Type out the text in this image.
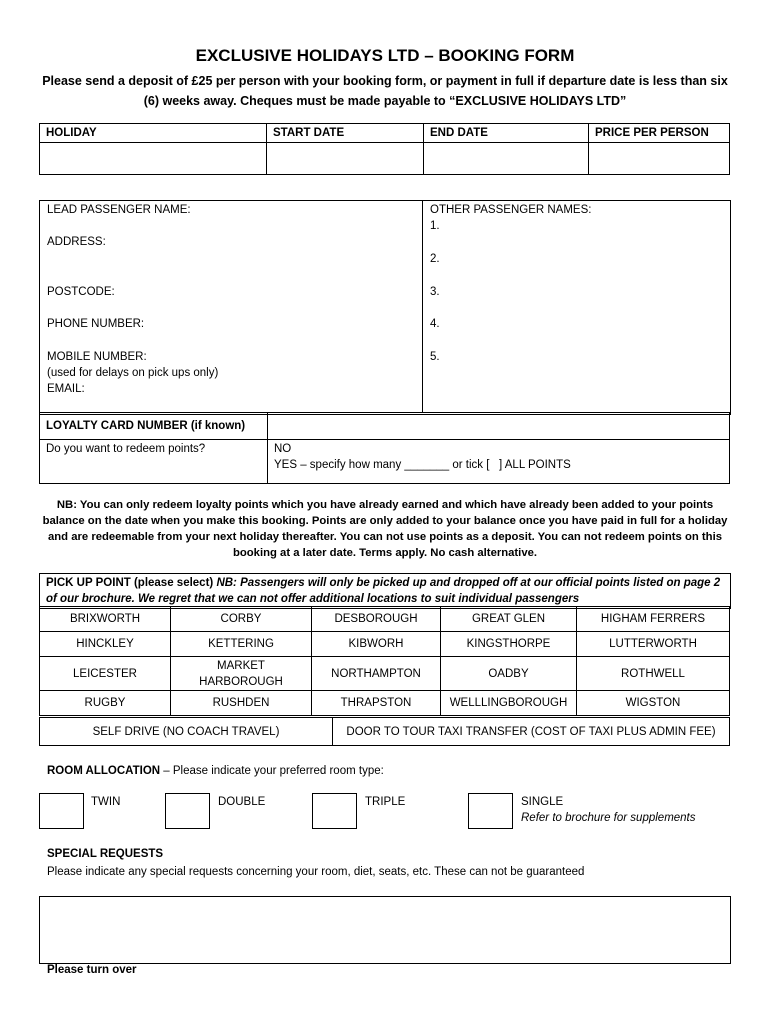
EXCLUSIVE HOLIDAYS LTD – BOOKING FORM
Please send a deposit of £25 per person with your booking form, or payment in full if departure date is less than six (6) weeks away. Cheques must be made payable to “EXCLUSIVE HOLIDAYS LTD”
HOLIDAY	START DATE	END DATE	PRICE PER PERSON

LEAD PASSENGER NAME:
ADDRESS:
POSTCODE:
PHONE NUMBER:
MOBILE NUMBER:
(used for delays on pick ups only)
EMAIL:
OTHER PASSENGER NAMES:
1.
2.
3.
4.
5.
LOYALTY CARD NUMBER (if known)	
Do you want to redeem points?	NO
YES – specify how many _______ or tick [   ] ALL POINTS
NB: You can only redeem loyalty points which you have already earned and which have already been added to your points balance on the date when you make this booking. Points are only added to your balance once you have paid in full for a holiday and are redeemable from your next holiday thereafter. You can not use points as a deposit. You can not redeem points on this booking at a later date. Terms apply. No cash alternative.
PICK UP POINT (please select) NB: Passengers will only be picked up and dropped off at our official points listed on page 2 of our brochure. We regret that we can not offer additional locations to suit individual passengers
BRIXWORTH	CORBY	DESBOROUGH	GREAT GLEN	HIGHAM FERRERS
HINCKLEY	KETTERING	KIBWORH	KINGSTHORPE	LUTTERWORTH
LEICESTER	MARKET HARBOROUGH	NORTHAMPTON	OADBY	ROTHWELL
RUGBY	RUSHDEN	THRAPSTON	WELLLINGBOROUGH	WIGSTON
SELF DRIVE (NO COACH TRAVEL)	DOOR TO TOUR TAXI TRANSFER (COST OF TAXI PLUS ADMIN FEE)
ROOM ALLOCATION – Please indicate your preferred room type:
TWIN	DOUBLE	TRIPLE	SINGLE
Refer to brochure for supplements
SPECIAL REQUESTS
Please indicate any special requests concerning your room, diet, seats, etc. These can not be guaranteed
Please turn over
